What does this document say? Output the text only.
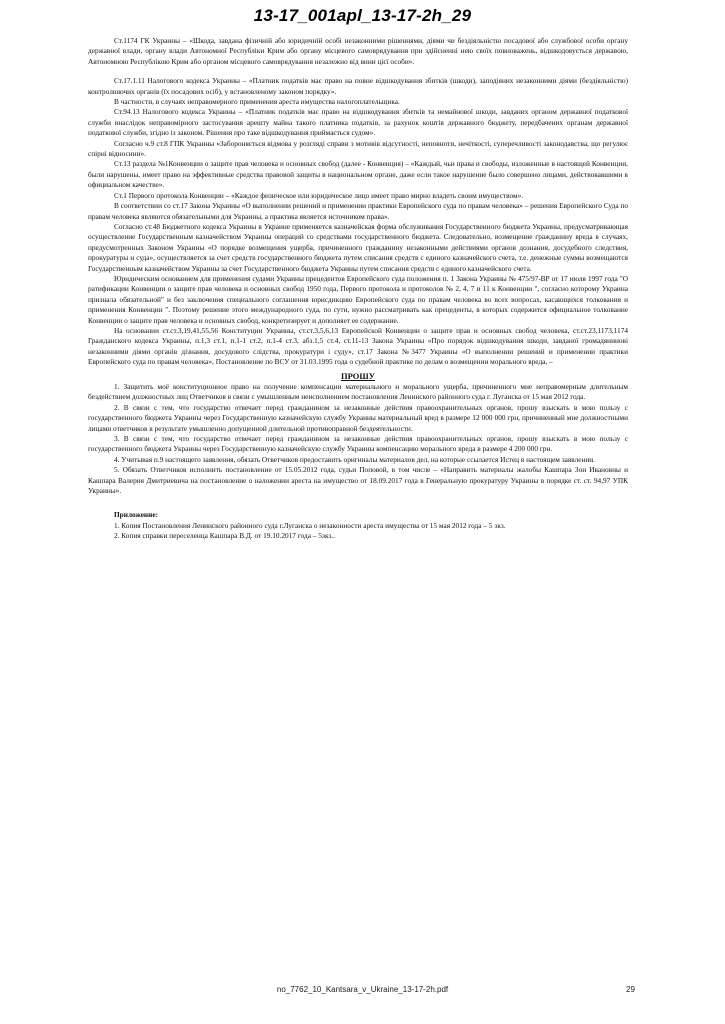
13-17_001apl_13-17-2h_29

Ст.1174 ГК Украины – «Шкода, завдана фізичній або юридичній особі незаконними рішеннями, діями чи бездіяльністю посадової або службової особи органу державної влади, органу влади Автономної Республіки Крим або органу місцевого самоврядування при здійсненні нею своїх повноважень, відшкодовується державою, Автономною Республікою Крим або органом місцевого самоврядування незалежно від вини цієї особи».

Ст.17.1.11 Налогового кодекса Украины – «Платник податків має право на повне відшкодування збитків (шкоди), заподіяних незаконними діями (бездіяльністю) контролюючих органів (їх посадових осіб), у встановленому законом порядку».

В частности, в случаях неправомерного применения ареста имущества налогоплательщика.

Ст.94.13 Налогового кодекса Украины – «Платник податків має право на відшкодування збитків та немайнової шкоди, завданих органом державної податкової служби внаслідок неправомірного застосування арешту майна такого платника податків, за рахунок коштів державного бюджету, передбачених органам державної податкової служби, згідно із законом. Рішення про таке відшкодування приймається судом».

Согласно ч.9 ст.8 ГПК Украины «Забороняється відмова у розгляді справи з мотивів відсутності, неповноти, нечіткості, суперечливості законодавства, що регулює спірні відносини».

Ст.13 раздела №1Конвенции о защите прав человека и основных свобод (далее - Конвенция) – «Каждый, чьи права и свободы, изложенные в настоящей Конвенции, были нарушены, имеет право на эффективные средства правовой защиты в национальном органе, даже если такое нарушение было совершено лицами, действовавшими в официальном качестве».

Ст.1 Первого протокола Конвенции – «Каждое физическое или юридическое лицо имеет право мирно владеть своим имуществом».

В соответствии со ст.17 Закона Украины «О выполнении решений и применении практики Европейского суда по правам человека» – решения Европейского Суда по правам человека являются обязательными для Украины, а практика является источником права».

Согласно ст.48 Бюджетного кодекса Украины в Украине применяется казначейская форма обслуживания Государственного бюджета Украины, предусматривающая осуществление Государственным казначейством Украины операций со средствами государственного бюджета. Следовательно, возмещение гражданину вреда в случаях, предусмотренных Законом Украины «О порядке возмещения ущерба, причиненного гражданину незаконными действиями органов дознания, досудебного следствия, прокуратуры и суда», осуществляется за счет средств государственного бюджета путем списания средств с единого казначейского счета, т.е. денежные суммы возмещаются Государственным казначейством Украины за счет Государственного бюджета Украины путем списания средств с единого казначейского счета.

Юридическим основанием для применения судами Украины прецедентов Европейского суда положения п. 1 Закона Украины № 475/97-ВР от 17 июля 1997 года "О ратификации Конвенции о защите прав человека и основных свобод 1950 года, Первого протокола и протоколов № 2, 4, 7 и 11 к Конвенции ", согласно которому Украина признала обязательной" и без заключения специального соглашения юрисдикцию Европейского суда по правам человека во всех вопросах, касающихся толкования и применения Конвенции ". Поэтому решение этого международного суда, по сути, нужно рассматривать как прецеденты, в которых содержится официальное толкование Конвенции о защите прав человека и основных свобод, конкретизирует и дополняет ее содержание.

На основании ст.ст.3,19,41,55,56 Конституции Украины, ст.ст.3,5,6,13 Европейской Конвенции о защите прав и основных свобод человека, ст.ст.23,1173,1174 Гражданского кодекса Украины, п.1,3 ст.1, п.1-1 ст.2, п.1-4 ст.3, абз.1,5 ст.4, ст.11-13 Закона Украины «Про порядок відшкодування шкоди, завданої громадянинові незаконними діями органів дізнання, досудового слідства, прокуратури і суду», ст.17 Закона №3477 Украины «О выполнении решений и применении практики Европейского суда по правам человека», Постановление по ВСУ от 31.03.1995 года о судебной практике по делам о возмещении морального вреда, –

ПРОШУ

1. Защитить моё конституционное право на получение компенсации материального и морального ущерба, причиненного мне неправомерным длительным бездействием должностных лиц Ответчиков в связи с умышленным неисполнением постановления Ленинского районного суда г. Луганска от 15 мая 2012 года.

2. В связи с тем, что государство отвечает перед гражданином за незаконные действия правоохранительных органов, прошу взыскать в мою пользу с государственного бюджета Украины через Государственную казначейскую службу Украины материальный вред в размере 12 000 000 грн, причиненный мне должностными лицами ответчиков в результате умышленно допущенной длительной противоправной бездеятельности.

3. В связи с тем, что государство отвечает перед гражданином за незаконные действия правоохранительных органов, прошу взыскать в мою пользу с государственного бюджета Украины через Государственную казначейскую службу Украины компенсацию морального вреда в размере 4 200 000 грн.

4. Учитывая п.9 настоящего заявления, обязать Ответчиков предоставить оригиналы материалов дел, на которые ссылается Истец в настоящем заявлении.

5. Обязать Ответчиков исполнить постановление от 15.05.2012 года, судьи Поповой, в том числе – «Направить материалы жалобы Кашпара Зои Ивановны и Кашпара Валерия Дмитриевича на постановление о наложении ареста на имущество от 18.09.2017 года в Генеральную прокуратуру Украины в порядке ст. ст. 94,97 УПК Украины».

Приложение:

1. Копия Постановления Ленинского районного суда г.Луганска о незаконности ареста имущества от 15 мая 2012 года – 5 экз.

2. Копия справки переселенца Кашпара В.Д. от 19.10.2017 года – 5экз..

no_7762_10_Kantsara_v_Ukraine_13-17-2h.pdf	29
